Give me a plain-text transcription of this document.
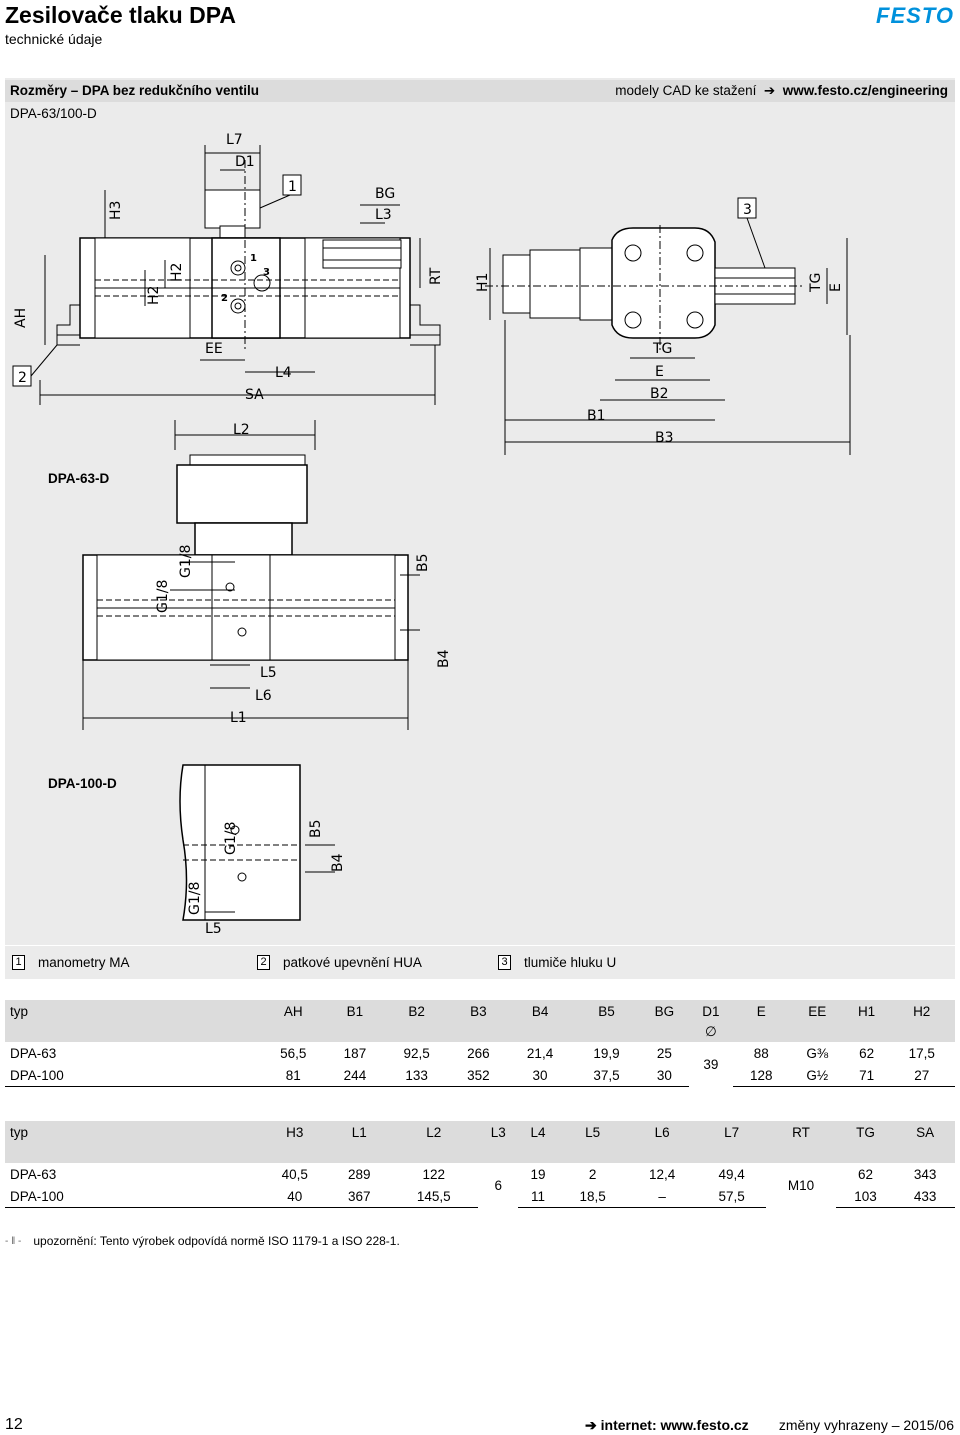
Zesilovače tlaku DPA
technické údaje
FESTO
Rozměry – DPA bez redukčního ventilu	modely CAD ke stažení  ➔  www.festo.cz/engineering
DPA-63/100-D
DPA-63-D
DPA-100-D
L7
D1
1	BG
L3
H3	3
H2
H2	RT H1	TG E
AH
2
EE
L4
SA
TG
E
B2
B1
L2	B3
G1/8
G1/8	B5
B4
L5
L6
L1
G1/8
G1/8
B5
B4
L5
1
3
2
1 manometry MA	2 patkové upevnění HUA	3 tlumiče hluku U
typ	AH	B1	B2	B3	B4	B5	BG	D1	E	EE	H1	H2
								∅				
DPA-63	56,5	187	92,5	266	21,4	19,9	25	39	88	G⅜	62	17,5
DPA-100	81	244	133	352	30	37,5	30		128	G½	71	27
typ	H3	L1	L2	L3	L4	L5	L6	L7	RT	TG	SA

DPA-63	40,5	289	122	6	19	2	12,4	49,4	M10	62	343
DPA-100	40	367	145,5		11	18,5	–	57,5		103	433
- ‖ - upozornění: Tento výrobek odpovídá normě ISO 1179-1 a ISO 228-1.
12	➔ internet: www.festo.cz změny vyhrazeny – 2015/06
